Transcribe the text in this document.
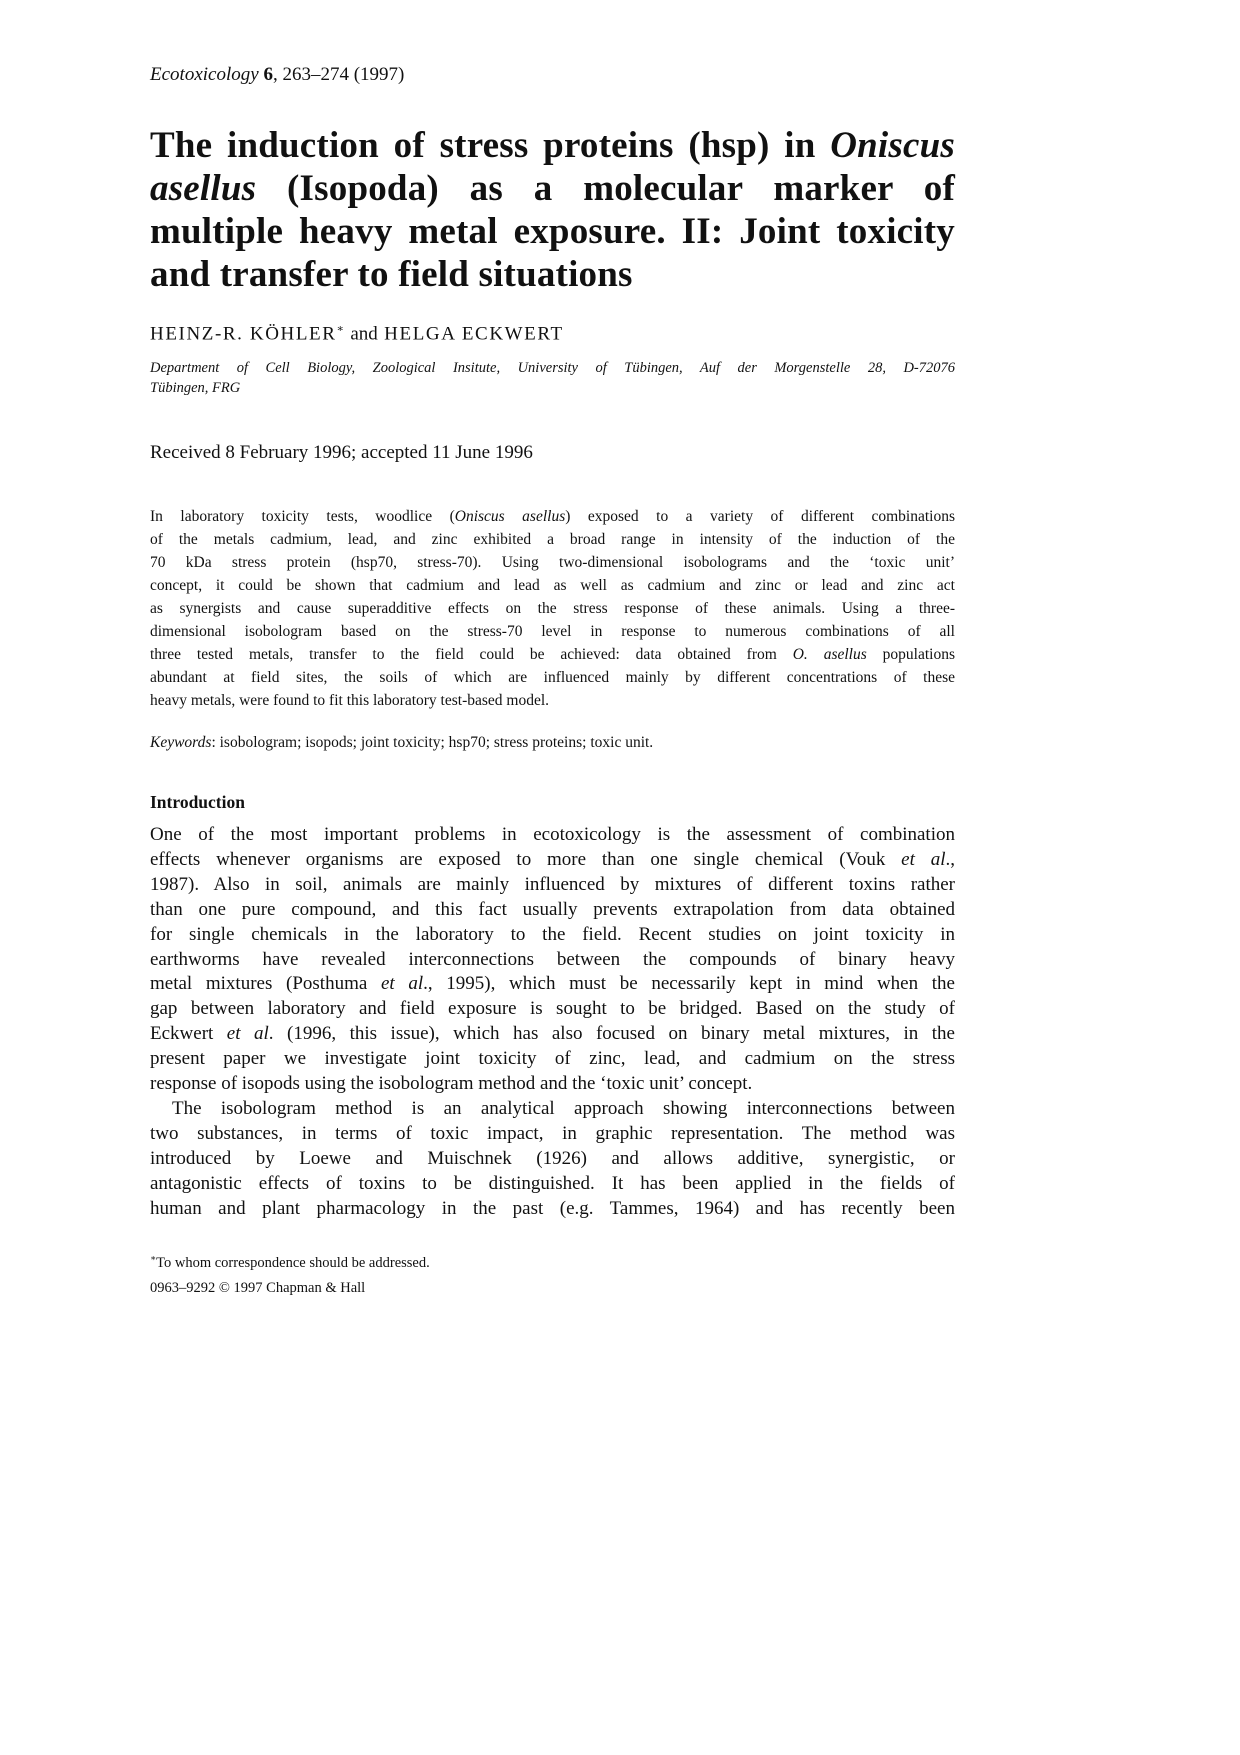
Ecotoxicology 6, 263–274 (1997)
The induction of stress proteins (hsp) in Oniscus
asellus (Isopoda) as a molecular marker of
multiple heavy metal exposure. II: Joint toxicity
and transfer to field situations
HEINZ-R. KÖHLER∗ and HELGA ECKWERT
Department of Cell Biology, Zoological Insitute, University of Tübingen, Auf der Morgenstelle 28, D-72076
Tübingen, FRG
Received 8 February 1996; accepted 11 June 1996
In laboratory toxicity tests, woodlice (Oniscus asellus) exposed to a variety of different combinations
of the metals cadmium, lead, and zinc exhibited a broad range in intensity of the induction of the
70 kDa stress protein (hsp70, stress-70). Using two-dimensional isobolograms and the ‘toxic unit’
concept, it could be shown that cadmium and lead as well as cadmium and zinc or lead and zinc act
as synergists and cause superadditive effects on the stress response of these animals. Using a three-
dimensional isobologram based on the stress-70 level in response to numerous combinations of all
three tested metals, transfer to the field could be achieved: data obtained from O. asellus populations
abundant at field sites, the soils of which are influenced mainly by different concentrations of these
heavy metals, were found to fit this laboratory test-based model.
Keywords: isobologram; isopods; joint toxicity; hsp70; stress proteins; toxic unit.
Introduction
One of the most important problems in ecotoxicology is the assessment of combination
effects whenever organisms are exposed to more than one single chemical (Vouk et al.,
1987). Also in soil, animals are mainly influenced by mixtures of different toxins rather
than one pure compound, and this fact usually prevents extrapolation from data obtained
for single chemicals in the laboratory to the field. Recent studies on joint toxicity in
earthworms have revealed interconnections between the compounds of binary heavy
metal mixtures (Posthuma et al., 1995), which must be necessarily kept in mind when the
gap between laboratory and field exposure is sought to be bridged. Based on the study of
Eckwert et al. (1996, this issue), which has also focused on binary metal mixtures, in the
present paper we investigate joint toxicity of zinc, lead, and cadmium on the stress
response of isopods using the isobologram method and the ‘toxic unit’ concept.
The isobologram method is an analytical approach showing interconnections between
two substances, in terms of toxic impact, in graphic representation. The method was
introduced by Loewe and Muischnek (1926) and allows additive, synergistic, or
antagonistic effects of toxins to be distinguished. It has been applied in the fields of
human and plant pharmacology in the past (e.g. Tammes, 1964) and has recently been
∗To whom correspondence should be addressed.
0963–9292 © 1997 Chapman & Hall
